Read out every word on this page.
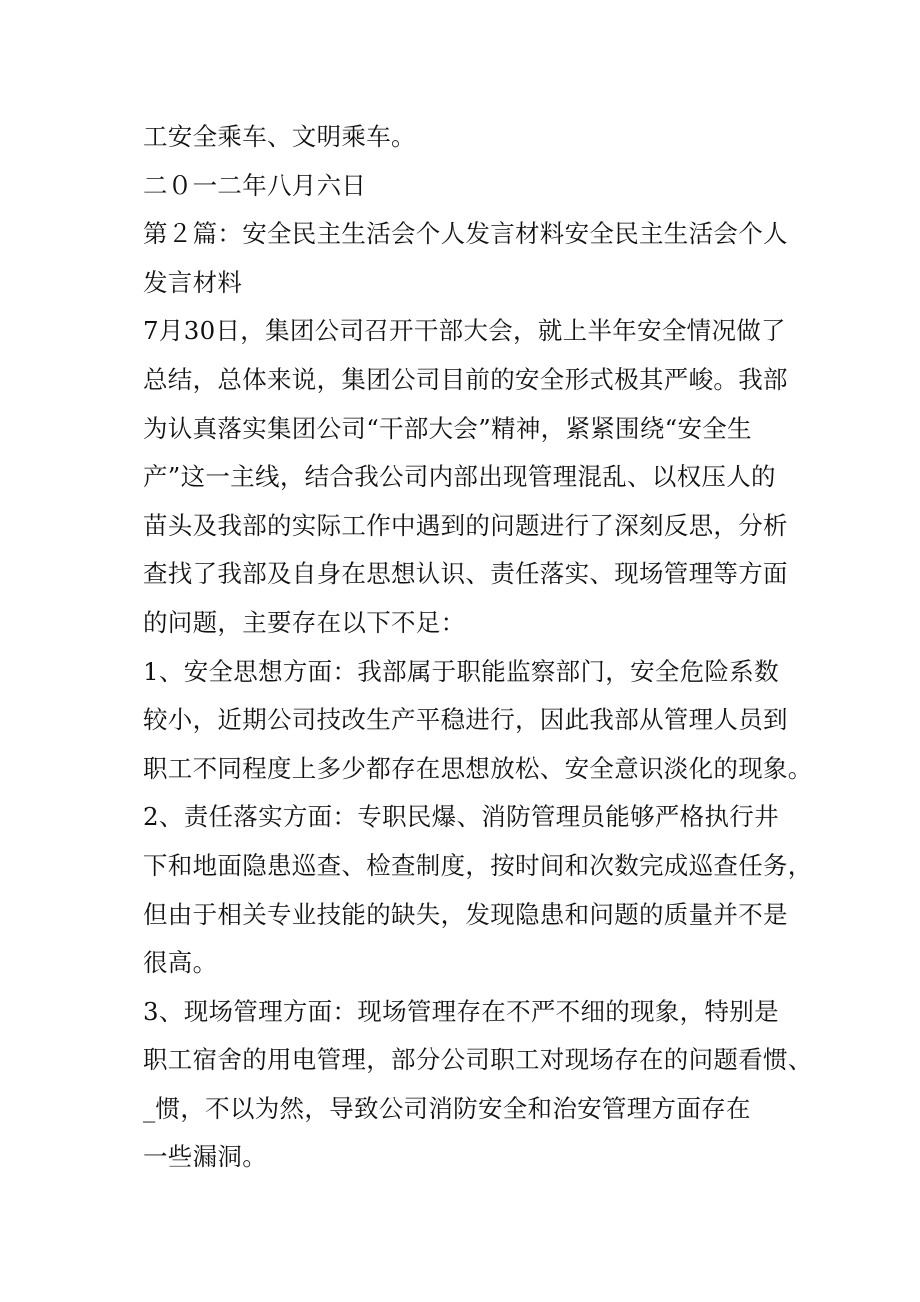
工安全乘车、文明乘车。
二０一二年八月六日
第２篇：安全民主生活会个人发言材料安全民主生活会个人
发言材料
7月30日，集团公司召开干部大会，就上半年安全情况做了
总结，总体来说，集团公司目前的安全形式极其严峻。我部
为认真落实集团公司“干部大会”精神，紧紧围绕“安全生
产”这一主线，结合我公司内部出现管理混乱、以权压人的
苗头及我部的实际工作中遇到的问题进行了深刻反思，分析
查找了我部及自身在思想认识、责任落实、现场管理等方面
的问题，主要存在以下不足：
1、安全思想方面：我部属于职能监察部门，安全危险系数
较小，近期公司技改生产平稳进行，因此我部从管理人员到
职工不同程度上多少都存在思想放松、安全意识淡化的现象。
2、责任落实方面：专职民爆、消防管理员能够严格执行井
下和地面隐患巡查、检查制度，按时间和次数完成巡查任务，
但由于相关专业技能的缺失，发现隐患和问题的质量并不是
很高。
3、现场管理方面：现场管理存在不严不细的现象，特别是
职工宿舍的用电管理，部分公司职工对现场存在的问题看惯、
_惯，不以为然，导致公司消防安全和治安管理方面存在
一些漏洞。
